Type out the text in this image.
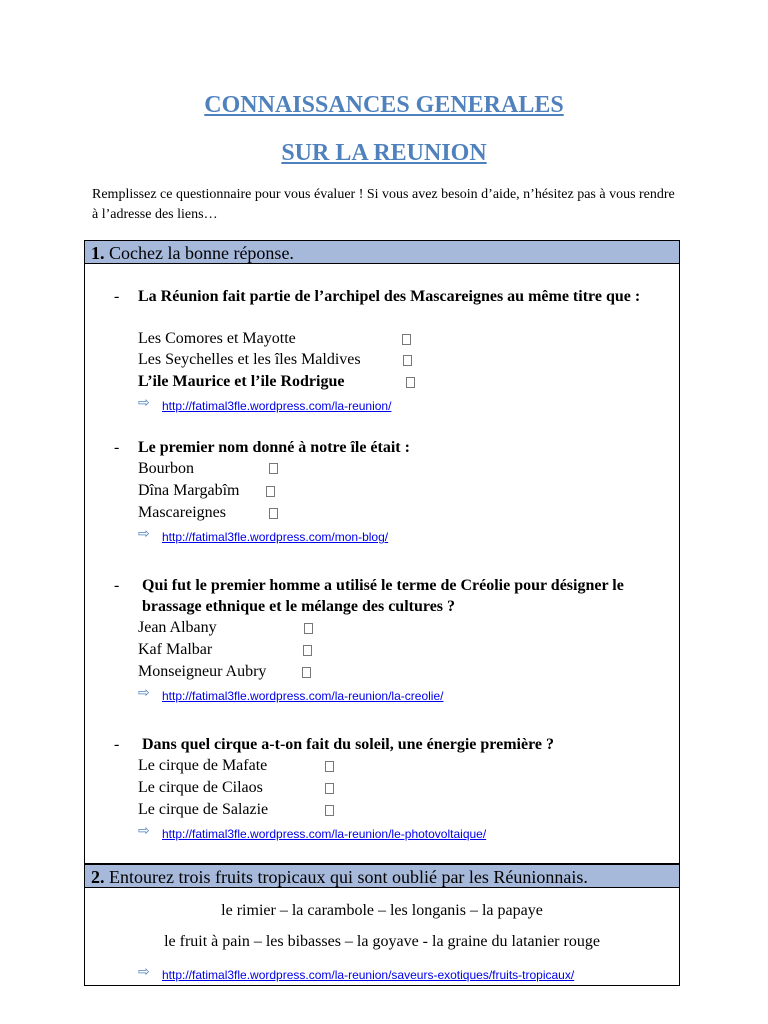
CONNAISSANCES GENERALES
SUR LA REUNION
Remplissez ce questionnaire pour vous évaluer ! Si vous avez besoin d’aide, n’hésitez pas à vous rendre à l’adresse des liens…
1. Cochez la bonne réponse.
- La Réunion fait partie de l’archipel des Mascareignes au même titre que :
Les Comores et Mayotte
Les Seychelles et les îles Maldives
L’ile Maurice et l’ile Rodrigue
⇨ http://fatimal3fle.wordpress.com/la-reunion/
- Le premier nom donné à notre île était :
Bourbon
Dîna Margabîm
Mascareignes
⇨ http://fatimal3fle.wordpress.com/mon-blog/
- Qui fut le premier homme a utilisé le terme de Créolie pour désigner le brassage ethnique et le mélange des cultures ?
Jean Albany
Kaf Malbar
Monseigneur Aubry
⇨ http://fatimal3fle.wordpress.com/la-reunion/la-creolie/
- Dans quel cirque a-t-on fait du soleil, une énergie première ?
Le cirque de Mafate
Le cirque de Cilaos
Le cirque de Salazie
⇨ http://fatimal3fle.wordpress.com/la-reunion/le-photovoltaique/
2. Entourez trois fruits tropicaux qui sont oublié par les Réunionnais.
le rimier – la carambole – les longanis – la papaye
le fruit à pain – les bibasses – la goyave - la graine du latanier rouge
⇨ http://fatimal3fle.wordpress.com/la-reunion/saveurs-exotiques/fruits-tropicaux/
